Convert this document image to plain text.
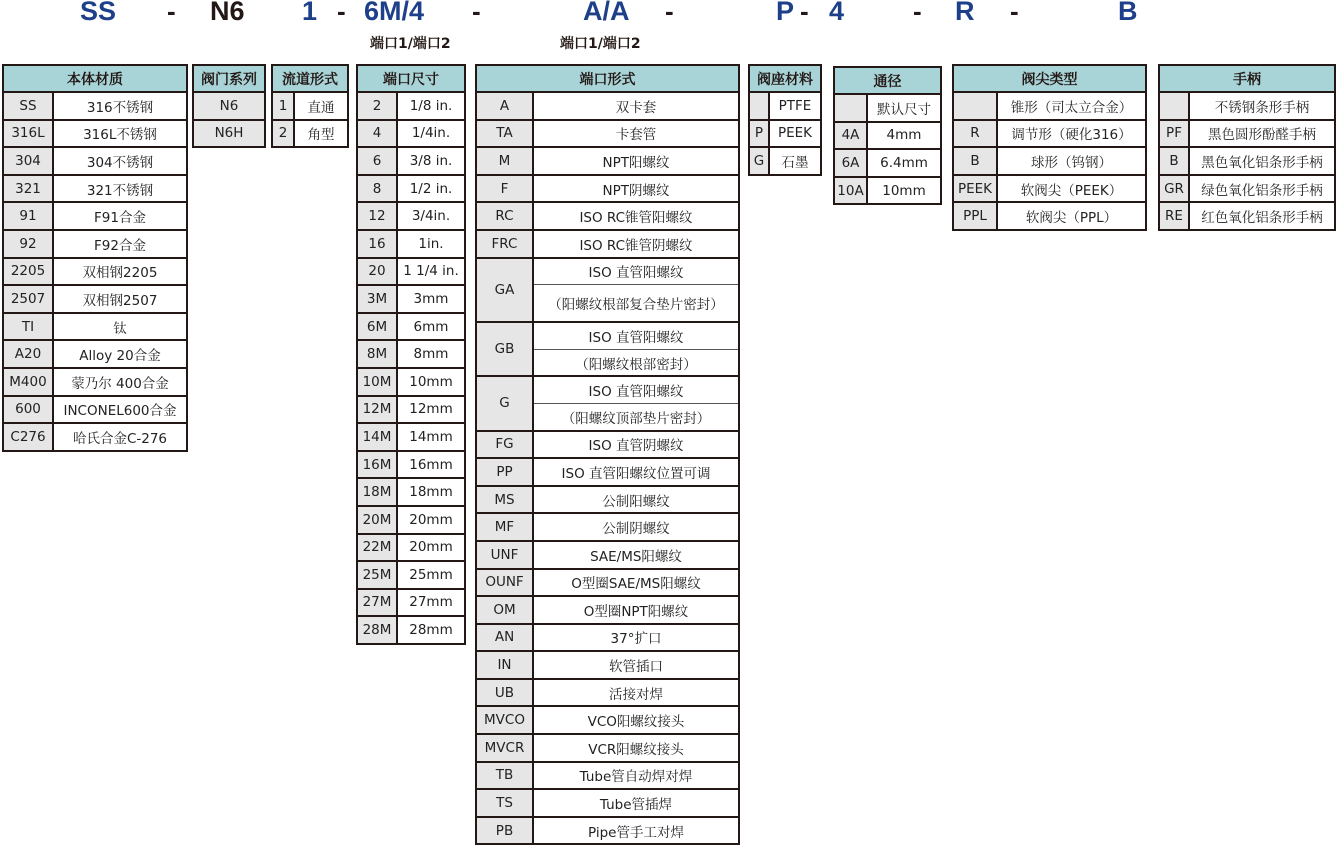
SS - N6 1 - 6M/4 -	A/A -	P - 4	- R -	B
端口1/端口2	端口1/端口2
本体材质	
SS	316不锈钢
316L	316L不锈钢
304	304不锈钢
321	321不锈钢
91	F91合金
92	F92合金
2205	双相钢2205
2507	双相钢2507
TI	钛
A20	Alloy 20合金
M400	蒙乃尔 400合金
600	INCONEL600合金
C276	哈氏合金C-276
阀门系列
N6
N6H
流道形式	
1	直通
2	角型
端口尺寸	
2	1/8 in.
4	1/4in.
6	3/8 in.
8	1/2 in.
12	3/4in.
16	1in.
20	1 1/4 in.
3M	3mm
6M	6mm
8M	8mm
10M	10mm
12M	12mm
14M	14mm
16M	16mm
18M	18mm
20M	20mm
22M	20mm
25M	25mm
27M	27mm
28M	28mm
端口形式	
A	双卡套
TA	卡套管
M	NPT阳螺纹
F	NPT阴螺纹
RC	ISO RC锥管阳螺纹
FRC	ISO RC锥管阴螺纹
GA	ISO 直管阳螺纹
	（阳螺纹根部复合垫片密封）
GB	ISO 直管阳螺纹
	（阳螺纹根部密封）
G	ISO 直管阳螺纹
	（阳螺纹顶部垫片密封）
FG	ISO 直管阴螺纹
PP	ISO 直管阳螺纹位置可调
MS	公制阳螺纹
MF	公制阴螺纹
UNF	SAE/MS阳螺纹
OUNF	O型圈SAE/MS阳螺纹
OM	O型圈NPT阳螺纹
AN	37°扩口
IN	软管插口
UB	活接对焊
MVCO	VCO阳螺纹接头
MVCR	VCR阳螺纹接头
TB	Tube管自动焊对焊
TS	Tube管插焊
PB	Pipe管手工对焊
阀座材料	
	PTFE
P	PEEK
G	石墨
通径	
	默认尺寸
4A	4mm
6A	6.4mm
10A	10mm
阀尖类型	
	锥形（司太立合金）
R	调节形（硬化316）
B	球形（钨钢）
PEEK	软阀尖（PEEK）
PPL	软阀尖（PPL）
手柄	
	不锈钢条形手柄
PF	黑色圆形酚醛手柄
B	黑色氧化铝条形手柄
GR	绿色氧化铝条形手柄
RE	红色氧化铝条形手柄
